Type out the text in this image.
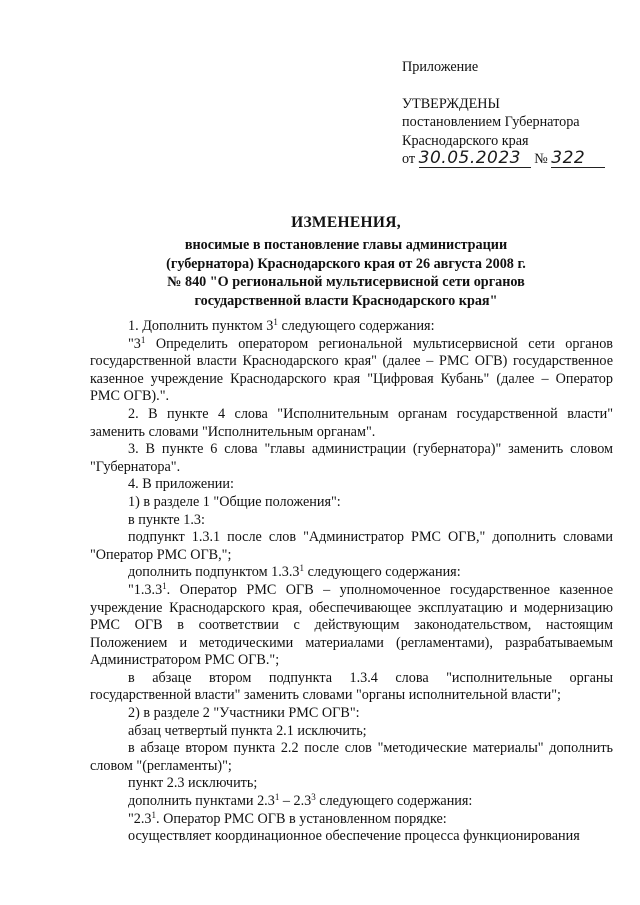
Приложение
УТВЕРЖДЕНЫ
постановлением Губернатора
Краснодарского края
от 30.05.2023 № 322
ИЗМЕНЕНИЯ,
вносимые в постановление главы администрации
(губернатора) Краснодарского края от 26 августа 2008 г.
№ 840 "О региональной мультисервисной сети органов
государственной власти Краснодарского края"

1. Дополнить пунктом $3^1$ следующего содержания:

"$3^1$ Определить оператором региональной мультисервисной сети органов государственной власти Краснодарского края" (далее – РМС ОГВ) государственное казенное учреждение Краснодарского края "Цифровая Кубань" (далее – Оператор РМС ОГВ).".

2. В пункте 4 слова "Исполнительным органам государственной власти" заменить словами "Исполнительным органам".

3. В пункте 6 слова "главы администрации (губернатора)" заменить словом "Губернатора".

4. В приложении:

1) в разделе 1 "Общие положения":

в пункте 1.3:

подпункт 1.3.1 после слов "Администратор РМС ОГВ," дополнить словами "Оператор РМС ОГВ,";

дополнить подпунктом 1.3.3$^1$ следующего содержания:

"1.3.3$^1$. Оператор РМС ОГВ – уполномоченное государственное казенное учреждение Краснодарского края, обеспечивающее эксплуатацию и модернизацию РМС ОГВ в соответствии с действующим законодательством, настоящим Положением и методическими материалами (регламентами), разрабатываемым Администратором РМС ОГВ.";

в абзаце втором подпункта 1.3.4 слова "исполнительные органы государственной власти" заменить словами "органы исполнительной власти";

2) в разделе 2 "Участники РМС ОГВ":

абзац четвертый пункта 2.1 исключить;

в абзаце втором пункта 2.2 после слов "методические материалы" дополнить словом "(регламенты)";

пункт 2.3 исключить;

дополнить пунктами $2.3^1 - 2.3^3$ следующего содержания:

"$2.3^1$. Оператор РМС ОГВ в установленном порядке:

осуществляет координационное обеспечение процесса функционирования
